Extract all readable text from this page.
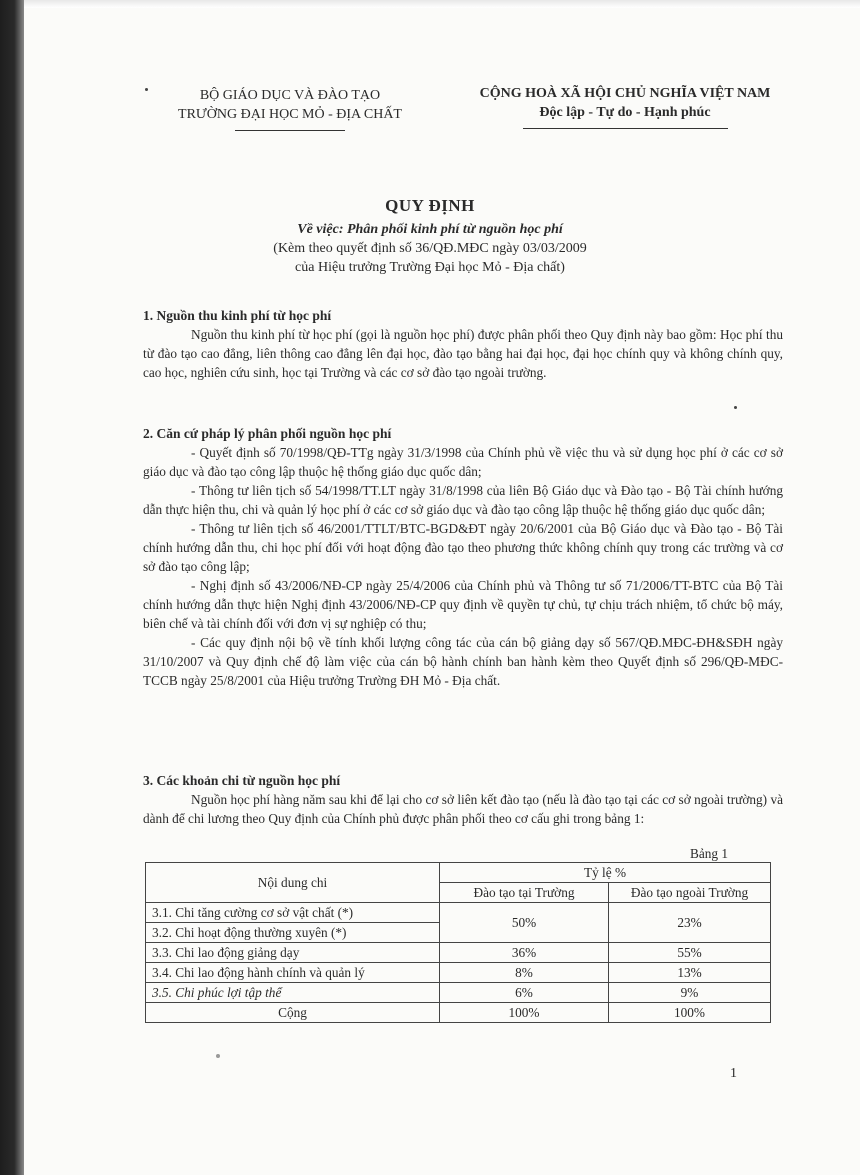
BỘ GIÁO DỤC VÀ ĐÀO TẠO
TRƯỜNG ĐẠI HỌC MỎ - ĐỊA CHẤT
CỘNG HOÀ XÃ HỘI CHỦ NGHĨA VIỆT NAM
Độc lập - Tự do - Hạnh phúc
QUY ĐỊNH
Về việc: Phân phối kinh phí từ nguồn học phí
(Kèm theo quyết định số 36/QĐ.MĐC ngày 03/03/2009
của Hiệu trưởng Trường Đại học Mỏ - Địa chất)
1. Nguồn thu kinh phí từ học phí

Nguồn thu kinh phí từ học phí (gọi là nguồn học phí) được phân phối theo Quy định này bao gồm: Học phí thu từ đào tạo cao đẳng, liên thông cao đẳng lên đại học, đào tạo bằng hai đại học, đại học chính quy và không chính quy, cao học, nghiên cứu sinh, học tại Trường và các cơ sở đào tạo ngoài trường.

2. Căn cứ pháp lý phân phối nguồn học phí

- Quyết định số 70/1998/QĐ-TTg ngày 31/3/1998 của Chính phủ về việc thu và sử dụng học phí ở các cơ sở giáo dục và đào tạo công lập thuộc hệ thống giáo dục quốc dân;

- Thông tư liên tịch số 54/1998/TT.LT ngày 31/8/1998 của liên Bộ Giáo dục và Đào tạo - Bộ Tài chính hướng dẫn thực hiện thu, chi và quản lý học phí ở các cơ sở giáo dục và đào tạo công lập thuộc hệ thống giáo dục quốc dân;

- Thông tư liên tịch số 46/2001/TTLT/BTC-BGD&ĐT ngày 20/6/2001 của Bộ Giáo dục và Đào tạo - Bộ Tài chính hướng dẫn thu, chi học phí đối với hoạt động đào tạo theo phương thức không chính quy trong các trường và cơ sở đào tạo công lập;

- Nghị định số 43/2006/NĐ-CP ngày 25/4/2006 của Chính phủ và Thông tư số 71/2006/TT-BTC của Bộ Tài chính hướng dẫn thực hiện Nghị định 43/2006/NĐ-CP quy định về quyền tự chủ, tự chịu trách nhiệm, tổ chức bộ máy, biên chế và tài chính đối với đơn vị sự nghiệp có thu;

- Các quy định nội bộ về tính khối lượng công tác của cán bộ giảng dạy số 567/QĐ.MĐC-ĐH&SĐH ngày 31/10/2007 và Quy định chế độ làm việc của cán bộ hành chính ban hành kèm theo Quyết định số 296/QĐ-MĐC-TCCB ngày 25/8/2001 của Hiệu trưởng Trường ĐH Mỏ - Địa chất.

3. Các khoản chi từ nguồn học phí

Nguồn học phí hàng năm sau khi để lại cho cơ sở liên kết đào tạo (nếu là đào tạo tại các cơ sở ngoài trường) và dành để chi lương theo Quy định của Chính phủ được phân phối theo cơ cấu ghi trong bảng 1:

Bảng 1
Nội dung chi	Tỷ lệ %	
	Đào tạo tại Trường	Đào tạo ngoài Trường
3.1. Chi tăng cường cơ sở vật chất (*)	50%	23%
3.2. Chi hoạt động thường xuyên (*)		
3.3. Chi lao động giảng dạy	36%	55%
3.4. Chi lao động hành chính và quản lý	8%	13%
3.5. Chi phúc lợi tập thể	6%	9%
Cộng	100%	100%
1
